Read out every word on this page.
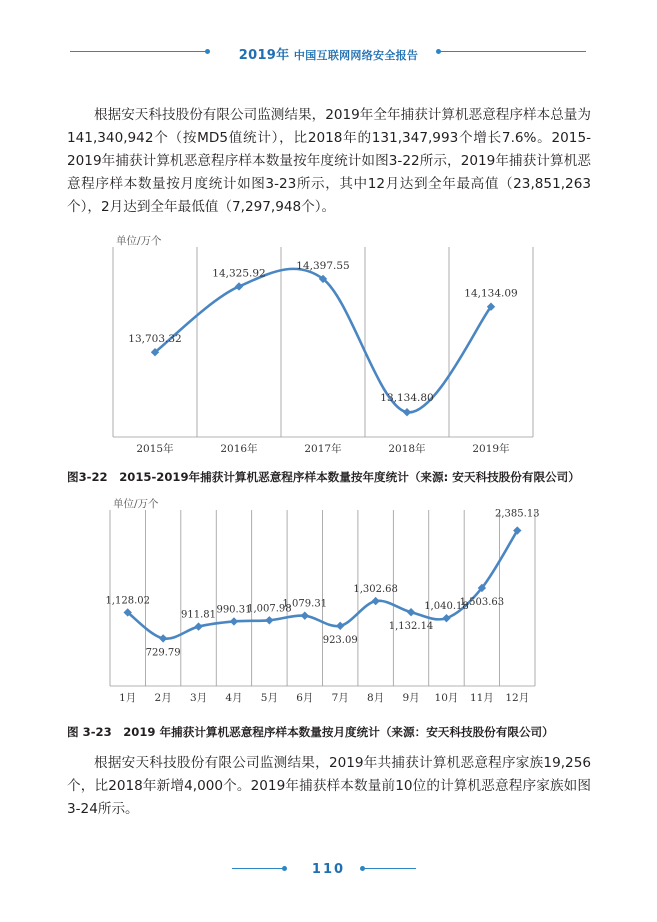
2019年 中国互联网网络安全报告
根据安天科技股份有限公司监测结果，2019年全年捕获计算机恶意程序样本总量为141,340,942个（按MD5值统计），比2018年的131,347,993个增长7.6%。2015-2019年捕获计算机恶意程序样本数量按年度统计如图3-22所示，2019年捕获计算机恶意程序样本数量按月度统计如图3-23所示，其中12月达到全年最高值（23,851,263个），2月达到全年最低值（7,297,948个）。
单位/万个
13,703.32
14,325.92
14,397.55
13,134.80
14,134.09
2015年	2016年	2017年	2018年	2019年
图3-22　2015-2019年捕获计算机恶意程序样本数量按年度统计（来源: 安天科技股份有限公司）
单位/万个
1,128.02
729.79
911.81 990.31
1,007.98
1,079.31
923.09
1,302.68
1,132.14
1,040.18
1,503.63
2,385.13
1月 2月 3月 4月 5月 6月 7月 8月 9月 10月 11月 12月
图 3-23　2019 年捕获计算机恶意程序样本数量按月度统计（来源：安天科技股份有限公司）
根据安天科技股份有限公司监测结果，2019年共捕获计算机恶意程序家族19,256个，比2018年新增4,000个。2019年捕获样本数量前10位的计算机恶意程序家族如图3-24所示。
110
